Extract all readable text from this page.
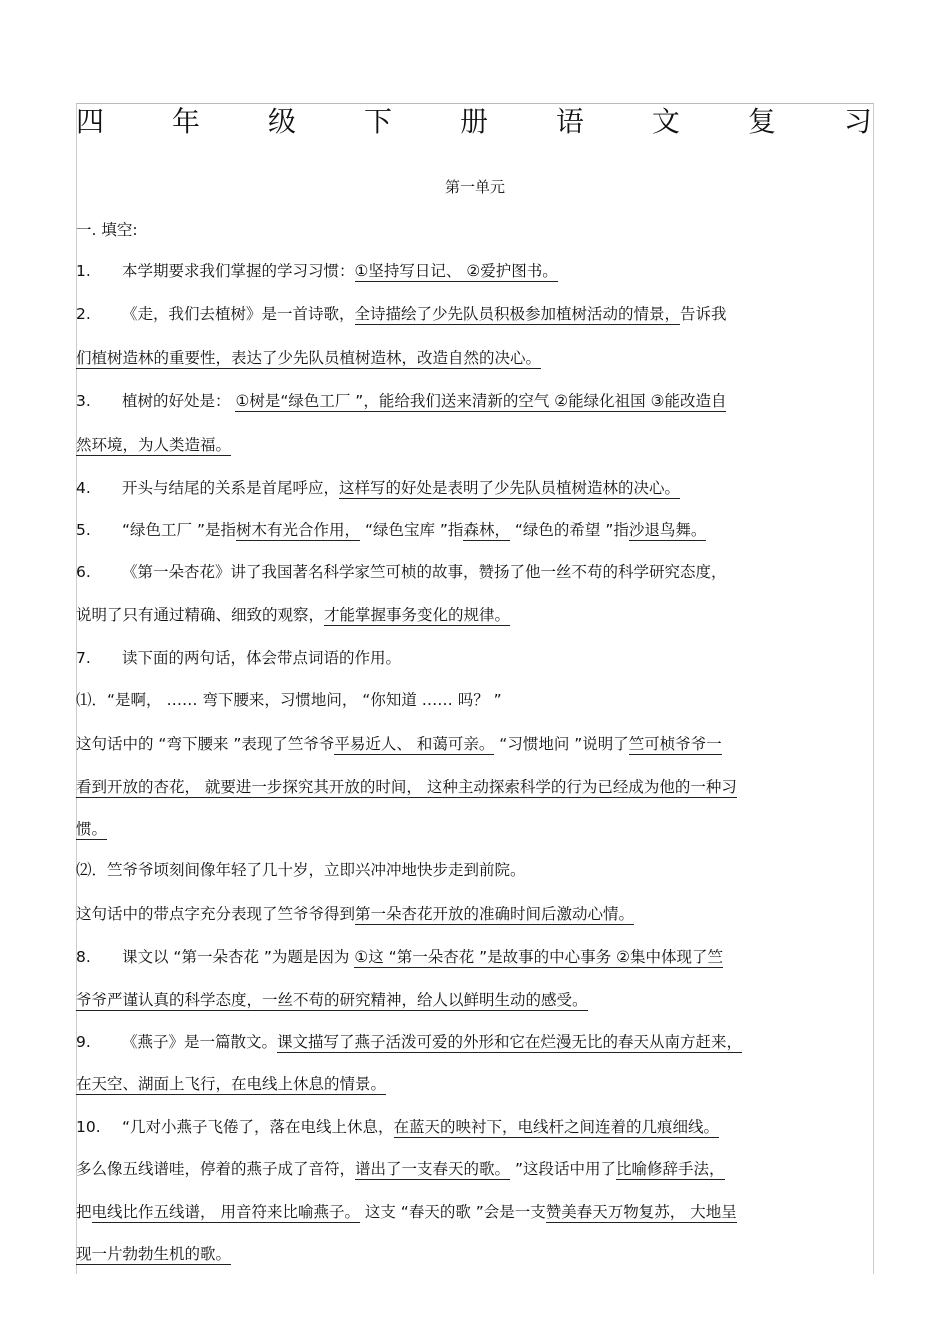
四 年 级 下 册 语 文 复 习
第一单元
一. 填空:
1. 本学期要求我们掌握的学习习惯：①坚持写日记、 ②爱护图书。
2. 《走，我们去植树》是一首诗歌，全诗描绘了少先队员积极参加植树活动的情景，告诉我
们植树造林的重要性，表达了少先队员植树造林，改造自然的决心。
3. 植树的好处是： ①树是“绿色工厂 ”，能给我们送来清新的空气 ②能绿化祖国 ③能改造自
然环境，为人类造福。
4. 开头与结尾的关系是首尾呼应，这样写的好处是表明了少先队员植树造林的决心。
5. “绿色工厂 ”是指树木有光合作用， “绿色宝库 ”指森林， “绿色的希望 ”指沙退鸟舞。
6. 《第一朵杏花》讲了我国著名科学家竺可桢的故事，赞扬了他一丝不苟的科学研究态度，
说明了只有通过精确、细致的观察，才能掌握事务变化的规律。
7. 读下面的两句话，体会带点词语的作用。
⑴．“是啊， …… 弯下腰来，习惯地问， “你知道 …… 吗？ ”
这句话中的 “弯下腰来 ”表现了竺爷爷平易近人、 和蔼可亲。 “习惯地问 ”说明了竺可桢爷爷一
看到开放的杏花， 就要进一步探究其开放的时间， 这种主动探索科学的行为已经成为他的一种习
惯。
⑵．竺爷爷顷刻间像年轻了几十岁，立即兴冲冲地快步走到前院。
这句话中的带点字充分表现了竺爷爷得到第一朵杏花开放的准确时间后激动心情。
8. 课文以 “第一朵杏花 ”为题是因为 ①这 “第一朵杏花 ”是故事的中心事务 ②集中体现了竺
爷爷严谨认真的科学态度，一丝不苟的研究精神，给人以鲜明生动的感受。
9. 《燕子》是一篇散文。课文描写了燕子活泼可爱的外形和它在烂漫无比的春天从南方赶来，
在天空、湖面上飞行，在电线上休息的情景。
10. “几对小燕子飞倦了，落在电线上休息，在蓝天的映衬下，电线杆之间连着的几痕细线。
多么像五线谱哇，停着的燕子成了音符，谱出了一支春天的歌。 ”这段话中用了比喻修辞手法，
把电线比作五线谱， 用音符来比喻燕子。 这支 “春天的歌 ”会是一支赞美春天万物复苏， 大地呈
现一片勃勃生机的歌。
